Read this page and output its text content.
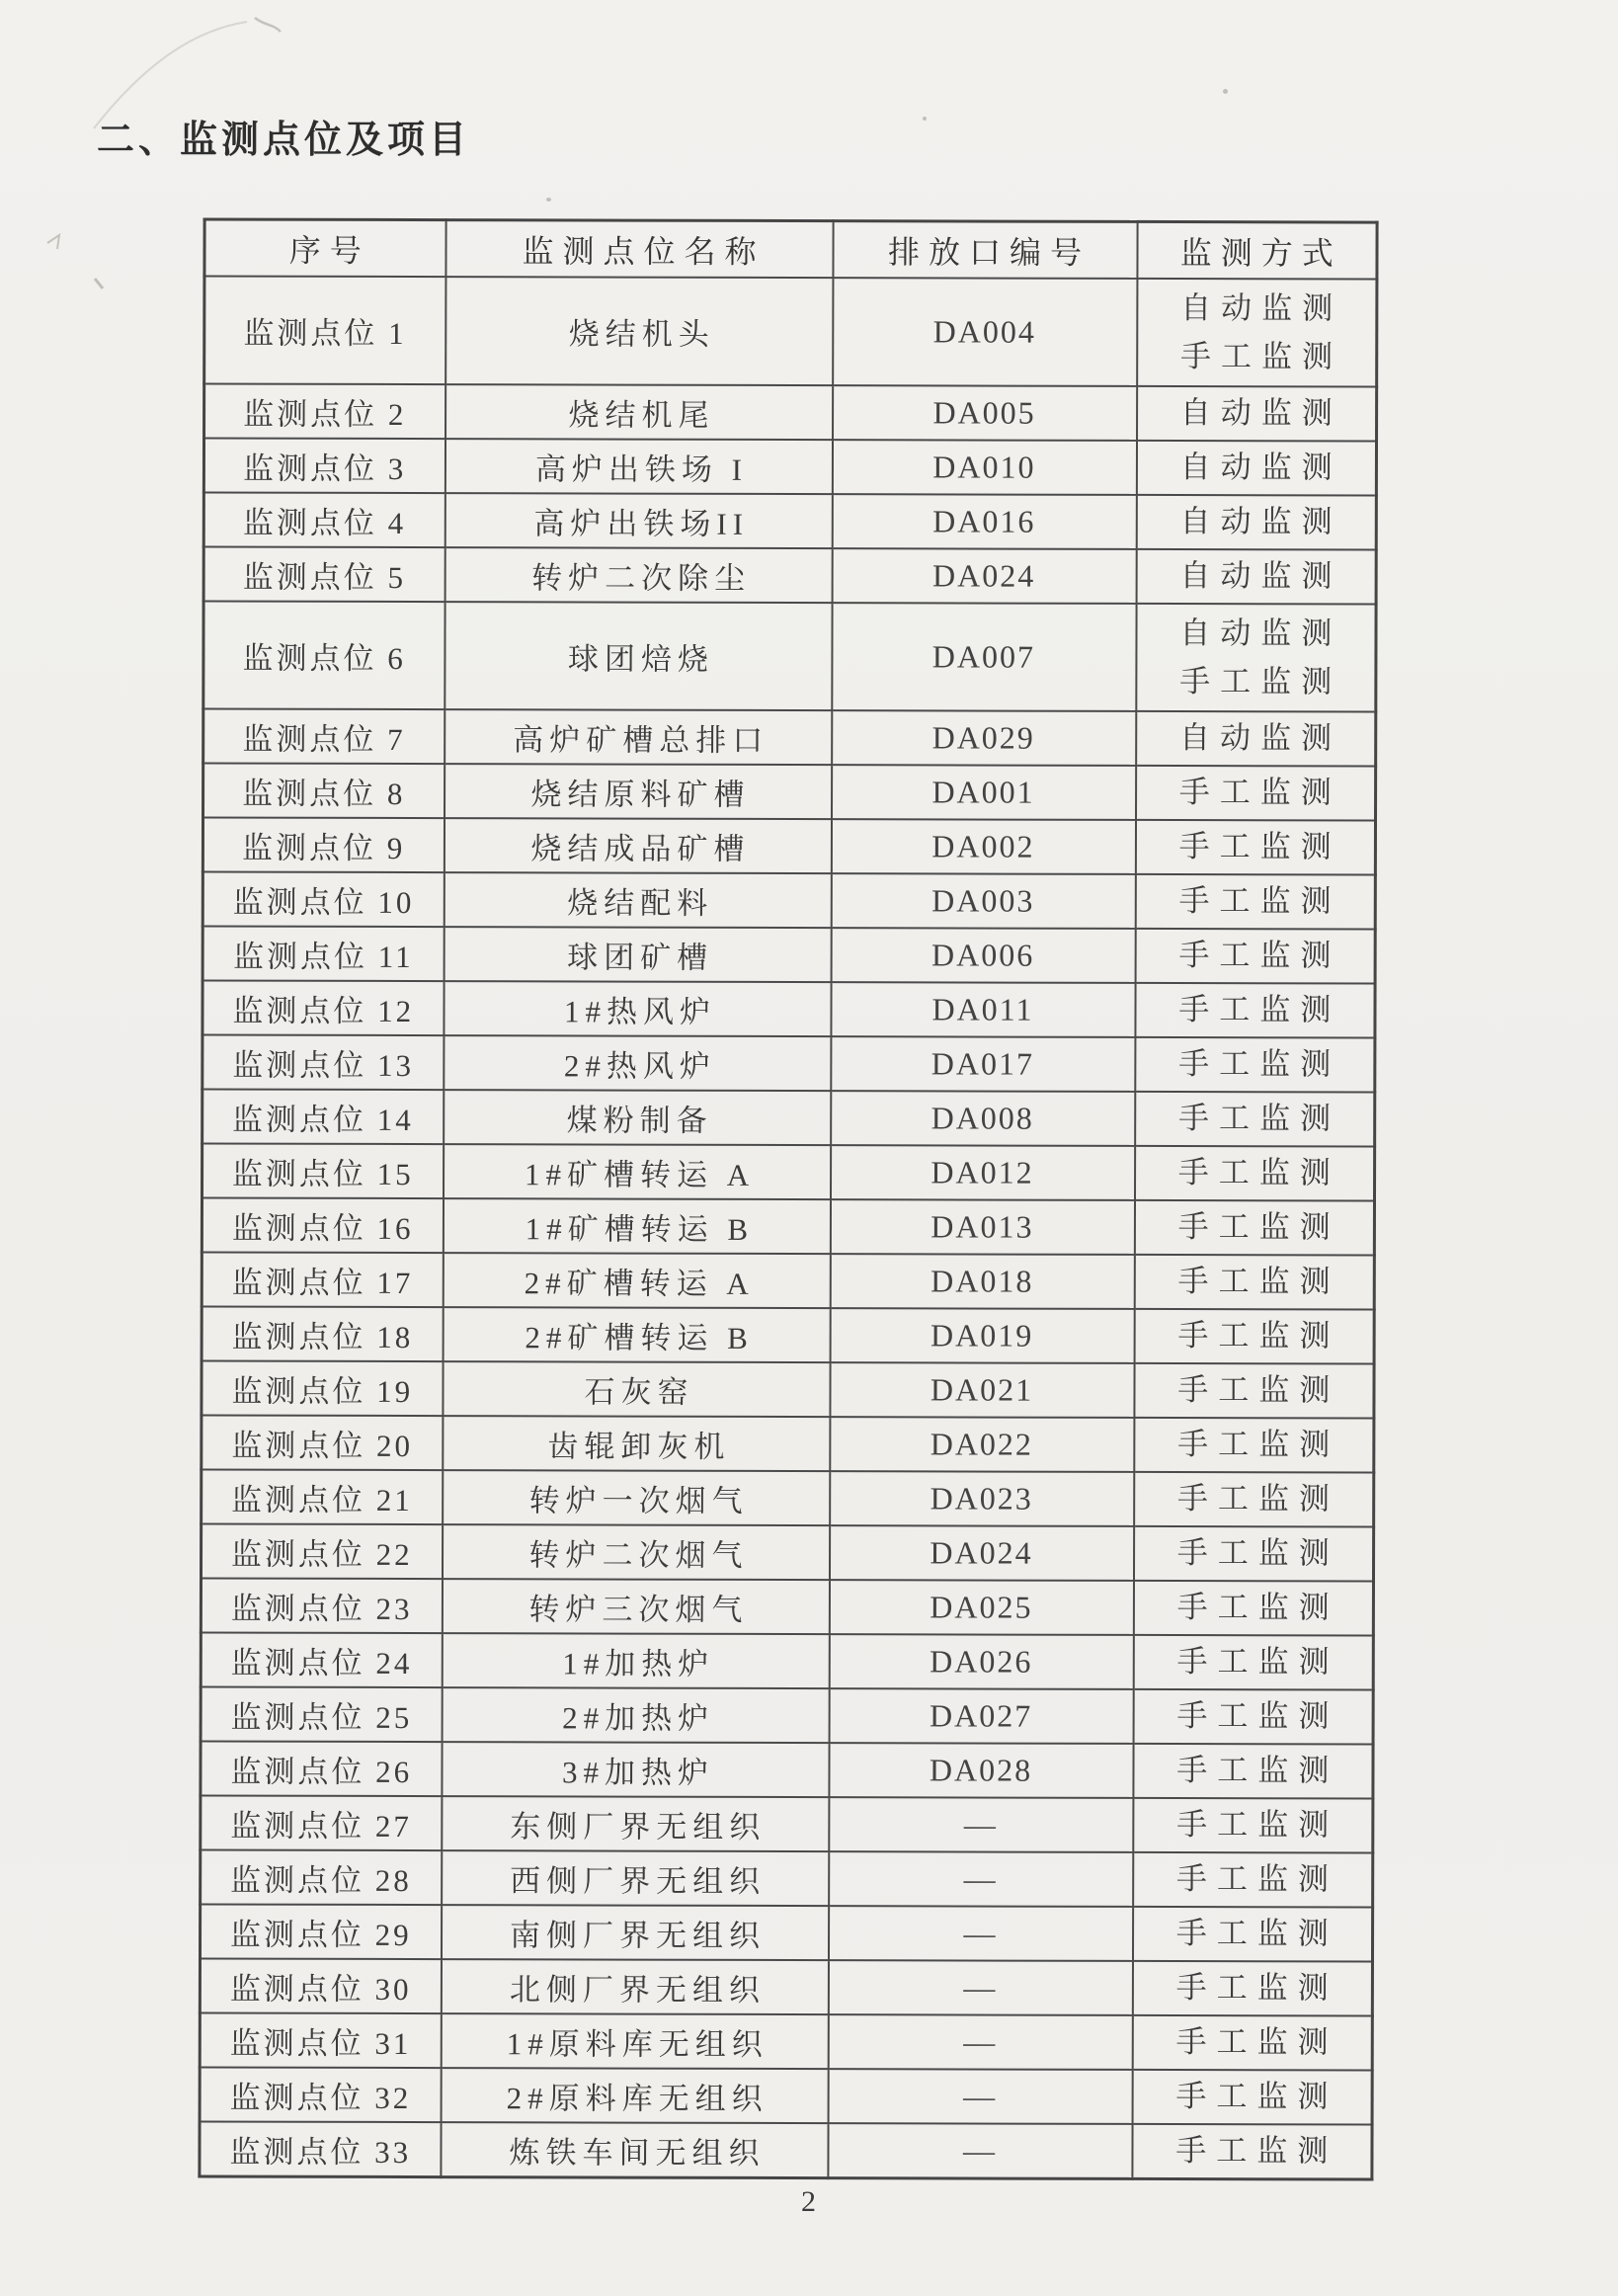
二、监测点位及项目
序号	监测点位名称	排放口编号	监测方式
监测点位 1	烧结机头	DA004	自动监测
手工监测

监测点位 2	烧结机尾	DA005	自动监测

监测点位 3	高炉出铁场 I	DA010	自动监测

监测点位 4	高炉出铁场II	DA016	自动监测

监测点位 5	转炉二次除尘	DA024	自动监测

监测点位 6	球团焙烧	DA007	自动监测
手工监测

监测点位 7	高炉矿槽总排口	DA029	自动监测

监测点位 8	烧结原料矿槽	DA001	手工监测

监测点位 9	烧结成品矿槽	DA002	手工监测

监测点位 10	烧结配料	DA003	手工监测

监测点位 11	球团矿槽	DA006	手工监测

监测点位 12	1#热风炉	DA011	手工监测

监测点位 13	2#热风炉	DA017	手工监测

监测点位 14	煤粉制备	DA008	手工监测

监测点位 15	1#矿槽转运 A	DA012	手工监测

监测点位 16	1#矿槽转运 B	DA013	手工监测

监测点位 17	2#矿槽转运 A	DA018	手工监测

监测点位 18	2#矿槽转运 B	DA019	手工监测

监测点位 19	石灰窑	DA021	手工监测

监测点位 20	齿辊卸灰机	DA022	手工监测

监测点位 21	转炉一次烟气	DA023	手工监测

监测点位 22	转炉二次烟气	DA024	手工监测

监测点位 23	转炉三次烟气	DA025	手工监测

监测点位 24	1#加热炉	DA026	手工监测

监测点位 25	2#加热炉	DA027	手工监测

监测点位 26	3#加热炉	DA028	手工监测

监测点位 27	东侧厂界无组织	—	手工监测

监测点位 28	西侧厂界无组织	—	手工监测

监测点位 29	南侧厂界无组织	—	手工监测

监测点位 30	北侧厂界无组织	—	手工监测

监测点位 31	1#原料库无组织	—	手工监测

监测点位 32	2#原料库无组织	—	手工监测

监测点位 33	炼铁车间无组织	—	手工监测
2
